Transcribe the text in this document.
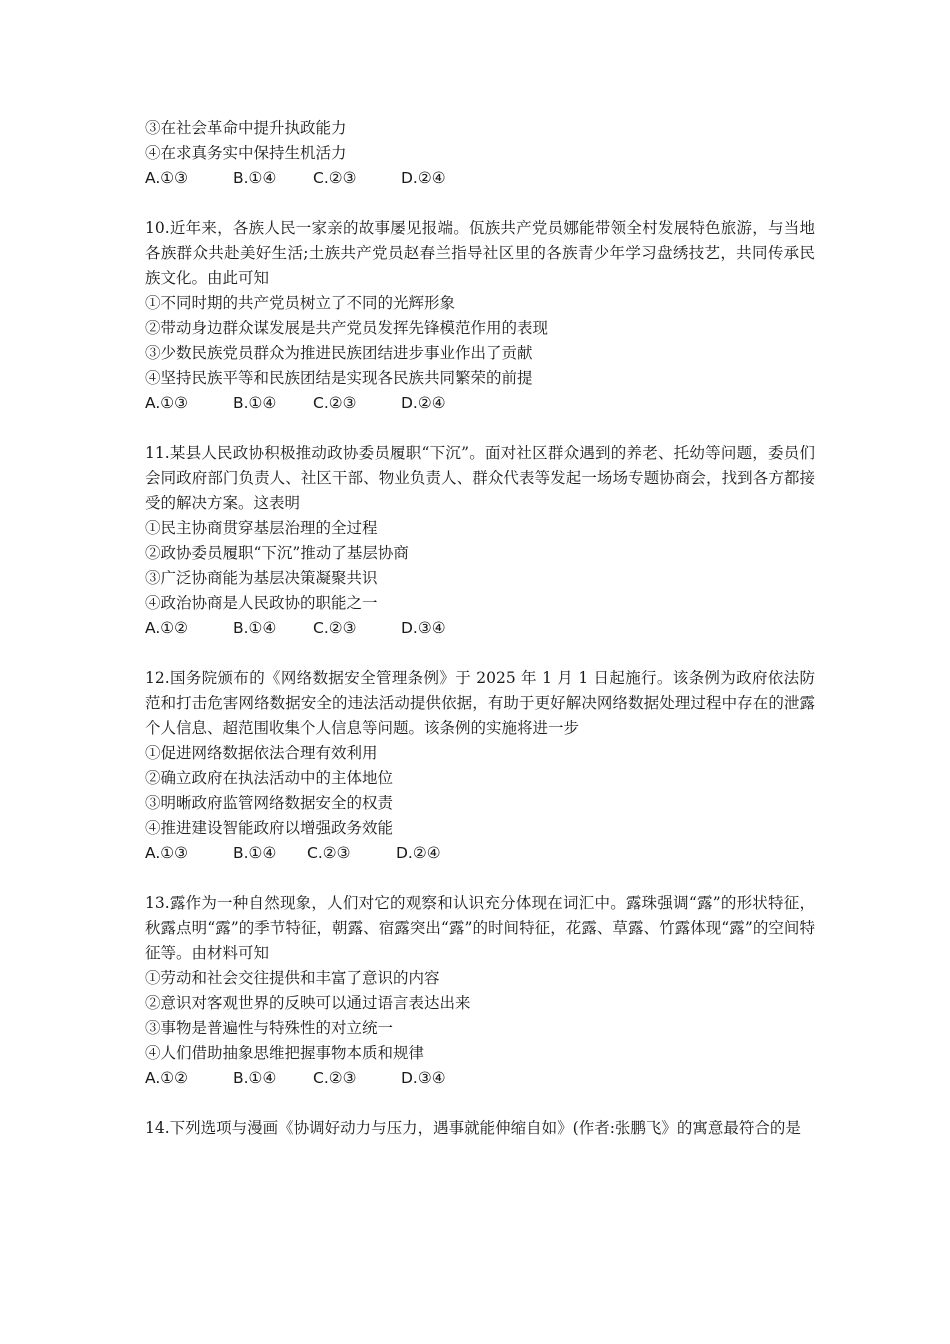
③在社会革命中提升执政能力
④在求真务实中保持生机活力
A.①③	B.①④	C.②③	D.②④
10.近年来，各族人民一家亲的故事屡见报端。佤族共产党员娜能带领全村发展特色旅游，与当地各族群众共赴美好生活;土族共产党员赵春兰指导社区里的各族青少年学习盘绣技艺，共同传承民族文化。由此可知
①不同时期的共产党员树立了不同的光辉形象
②带动身边群众谋发展是共产党员发挥先锋模范作用的表现
③少数民族党员群众为推进民族团结进步事业作出了贡献
④坚持民族平等和民族团结是实现各民族共同繁荣的前提
A.①③	B.①④	C.②③	D.②④
11.某县人民政协积极推动政协委员履职“下沉”。面对社区群众遇到的养老、托幼等问题，委员们会同政府部门负责人、社区干部、物业负责人、群众代表等发起一场场专题协商会，找到各方都接受的解决方案。这表明
①民主协商贯穿基层治理的全过程
②政协委员履职“下沉”推动了基层协商
③广泛协商能为基层决策凝聚共识
④政治协商是人民政协的职能之一
A.①②	B.①④	C.②③	D.③④
12.国务院颁布的《网络数据安全管理条例》于 2025 年 1 月 1 日起施行。该条例为政府依法防范和打击危害网络数据安全的违法活动提供依据，有助于更好解决网络数据处理过程中存在的泄露个人信息、超范围收集个人信息等问题。该条例的实施将进一步
①促进网络数据依法合理有效利用
②确立政府在执法活动中的主体地位
③明晰政府监管网络数据安全的权责
④推进建设智能政府以增强政务效能
A.①③	B.①④	C.②③	D.②④
13.露作为一种自然现象，人们对它的观察和认识充分体现在词汇中。露珠强调“露”的形状特征，秋露点明“露”的季节特征，朝露、宿露突出“露”的时间特征，花露、草露、竹露体现“露”的空间特征等。由材料可知
①劳动和社会交往提供和丰富了意识的内容
②意识对客观世界的反映可以通过语言表达出来
③事物是普遍性与特殊性的对立统一
④人们借助抽象思维把握事物本质和规律
A.①②	B.①④	C.②③	D.③④
14.下列选项与漫画《协调好动力与压力，遇事就能伸缩自如》(作者:张鹏飞》的寓意最符合的是
